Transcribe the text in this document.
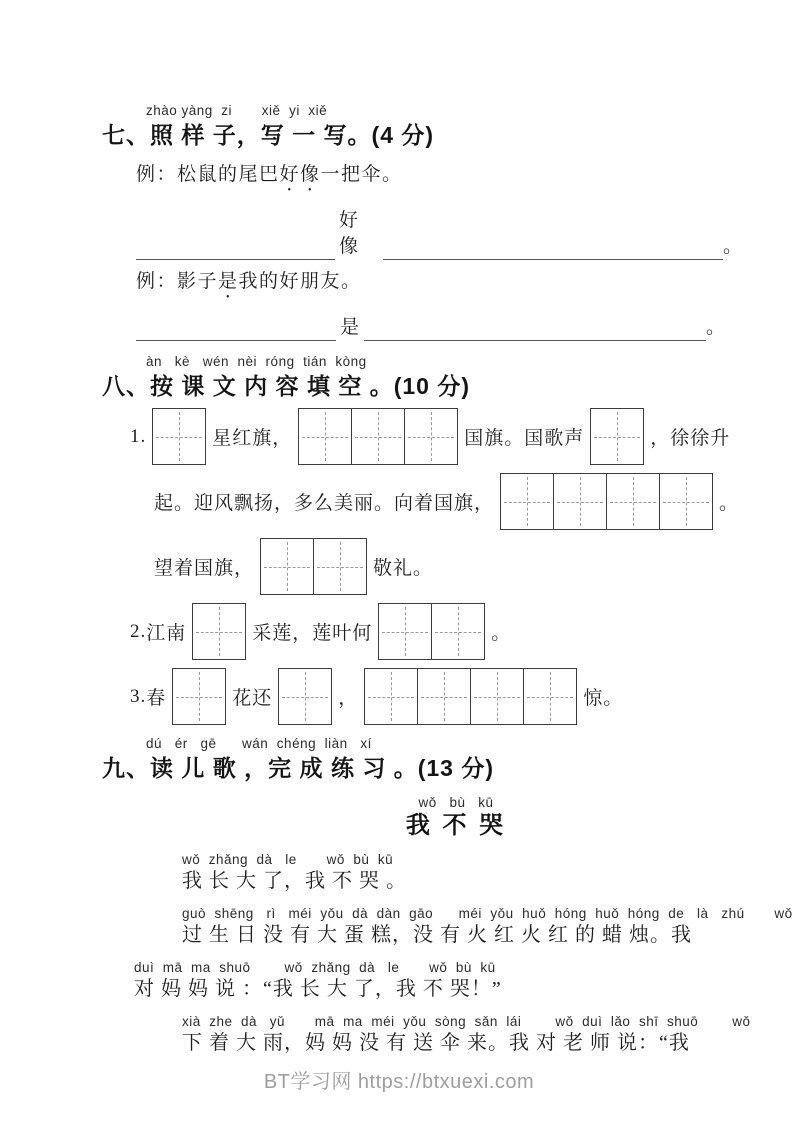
zhào yàng  zi       xiě  yi  xiě
七、照 样 子，写 一 写。(4 分)

例：松鼠的尾巴好像一把伞。

好像	。

例：影子是我的好朋友。

是	。
àn   kè   wén  nèi  róng  tián  kòng
八、按 课 文 内 容 填 空 。(10 分)
1.	星红旗，	国旗。国歌声	，徐徐升
起。迎风飘扬，多么美丽。向着国旗，	。
望着国旗，	敬礼。
2. 江南	采莲，莲叶何	。
3. 春	花还	，	惊。
dú   ér   gē      wán  chéng  liàn   xí
九、读 儿 歌 ，完 成 练 习 。(13 分)
wǒ   bù   kū
我 不 哭
wǒ  zhǎng  dà   le       wǒ  bù  kū
我 长 大 了，我 不 哭 。
guò  shēng   rì   méi  yǒu  dà  dàn  gāo      méi  yǒu  huǒ  hóng  huǒ  hóng  de   là   zhú       wǒ
过 生 日 没 有 大 蛋 糕，没 有 火 红 火 红 的 蜡 烛。我
duì  mā  ma  shuō        wǒ  zhǎng  dà   le       wǒ  bù  kū
对 妈 妈 说 ：“我 长 大 了，我 不 哭！”
xià  zhe  dà   yǔ       mā  ma  méi  yǒu  sòng  sǎn  lái        wǒ  duì  lǎo  shī  shuō        wǒ
下 着 大 雨，妈 妈 没 有 送 伞 来。我 对 老 师 说：“我
BT学习网 https://btxuexi.com
